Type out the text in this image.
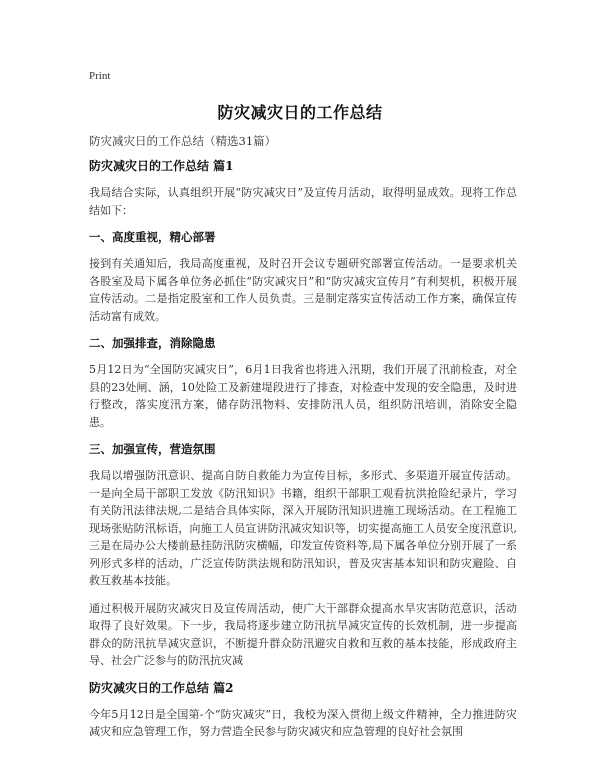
Print
防灾减灾日的工作总结

防灾减灾日的工作总结（精选31篇）

防灾减灾日的工作总结 篇1

我局结合实际，认真组织开展“防灾减灾日”及宣传月活动，取得明显成效。现将工作总结如下：

一、高度重视，精心部署

接到有关通知后，我局高度重视，及时召开会议专题研究部署宣传活动。一是要求机关各股室及局下属各单位务必抓住“防灾减灾日”和“防灾减灾宣传月”有利契机，积极开展宣传活动。二是指定股室和工作人员负责。三是制定落实宣传活动工作方案，确保宣传活动富有成效。

二、加强排查，消除隐患

5月12日为“全国防灾减灾日”，6月1日我省也将进入汛期，我们开展了汛前检查，对全县的23处闸、涵，10处险工及新建堤段进行了排查，对检查中发现的安全隐患，及时进行整改，落实度汛方案，储存防汛物料、安排防汛人员，组织防汛培训，消除安全隐患。

三、加强宣传，营造氛围

我局以增强防汛意识、提高自防自救能力为宣传目标，多形式、多渠道开展宣传活动。一是向全局干部职工发放《防汛知识》书籍，组织干部职工观看抗洪抢险纪录片，学习有关防汛法律法规,二是结合具体实际，深入开展防汛知识进施工现场活动。在工程施工现场张贴防汛标语，向施工人员宣讲防汛减灾知识等，切实提高施工人员安全度汛意识,三是在局办公大楼前悬挂防汛防灾横幅，印发宣传资料等,局下属各单位分别开展了一系列形式多样的活动，广泛宣传防洪法规和防汛知识，普及灾害基本知识和防灾避险、自救互救基本技能。

通过积极开展防灾减灾日及宣传周活动，使广大干部群众提高水旱灾害防范意识，活动取得了良好效果。下一步，我局将逐步建立防汛抗旱减灾宣传的长效机制，进一步提高群众的防汛抗旱减灾意识，不断提升群众防汛避灾自救和互救的基本技能，形成政府主导、社会广泛参与的防汛抗灾减

防灾减灾日的工作总结 篇2

今年5月12日是全国第-个“防灾减灾”日，我校为深入贯彻上级文件精神，全力推进防灾减灾和应急管理工作，努力营造全民参与防灾减灾和应急管理的良好社会氛围
